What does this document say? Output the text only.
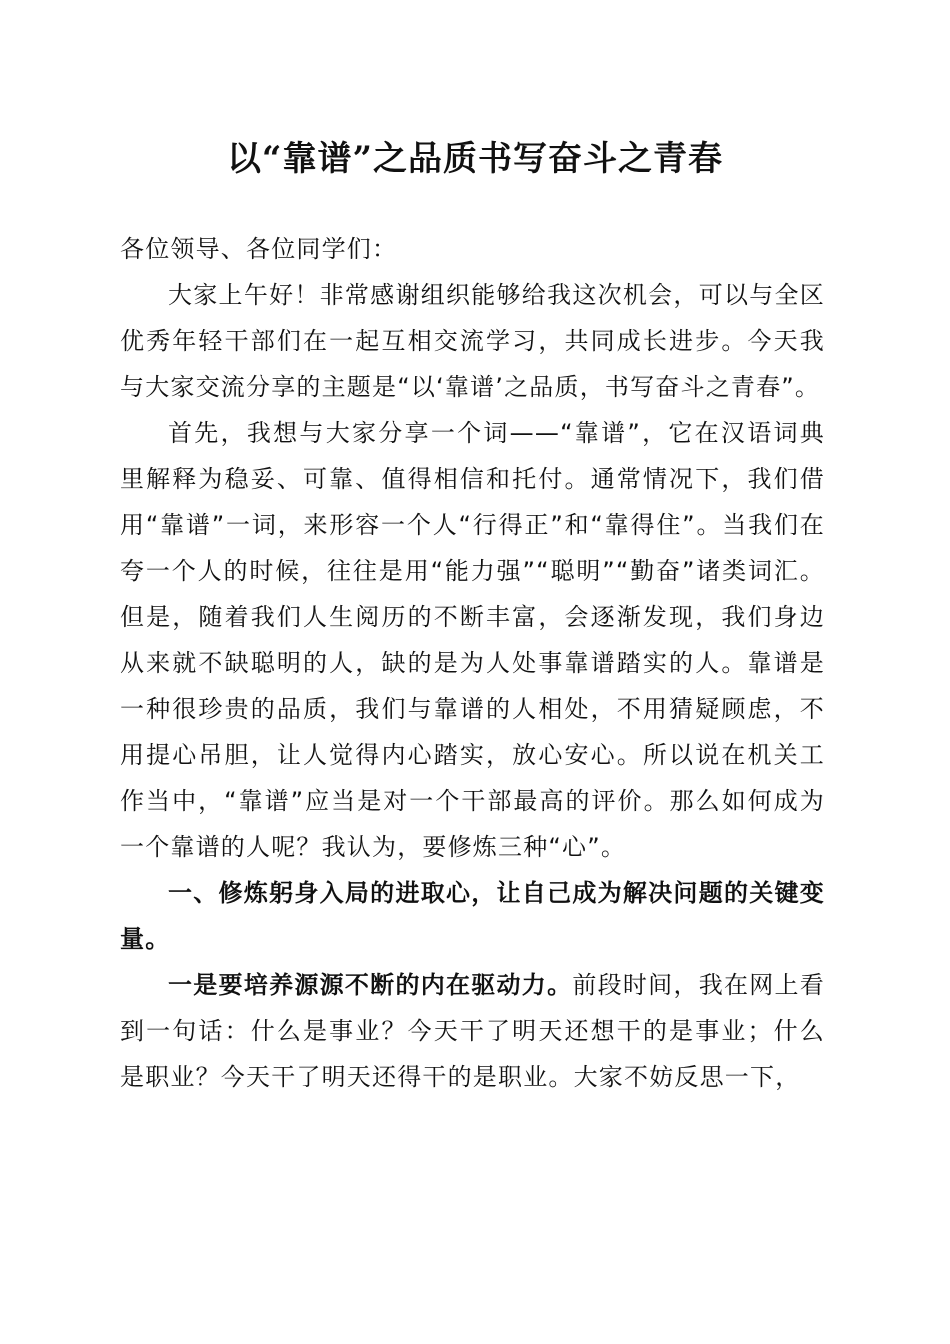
以“靠谱”之品质书写奋斗之青春

各位领导、各位同学们：

大家上午好！非常感谢组织能够给我这次机会，可以与全区优秀年轻干部们在一起互相交流学习，共同成长进步。今天我与大家交流分享的主题是“以‘靠谱’之品质，书写奋斗之青春”。

首先，我想与大家分享一个词——“靠谱”，它在汉语词典里解释为稳妥、可靠、值得相信和托付。通常情况下，我们借用“靠谱”一词，来形容一个人“行得正”和“靠得住”。当我们在夸一个人的时候，往往是用“能力强”“聪明”“勤奋”诸类词汇。但是，随着我们人生阅历的不断丰富，会逐渐发现，我们身边从来就不缺聪明的人，缺的是为人处事靠谱踏实的人。靠谱是一种很珍贵的品质，我们与靠谱的人相处，不用猜疑顾虑，不用提心吊胆，让人觉得内心踏实，放心安心。所以说在机关工作当中，“靠谱”应当是对一个干部最高的评价。那么如何成为一个靠谱的人呢？我认为，要修炼三种“心”。

一、修炼躬身入局的进取心，让自己成为解决问题的关键变量。

一是要培养源源不断的内在驱动力。前段时间，我在网上看到一句话：什么是事业？今天干了明天还想干的是事业；什么是职业？今天干了明天还得干的是职业。大家不妨反思一下，
